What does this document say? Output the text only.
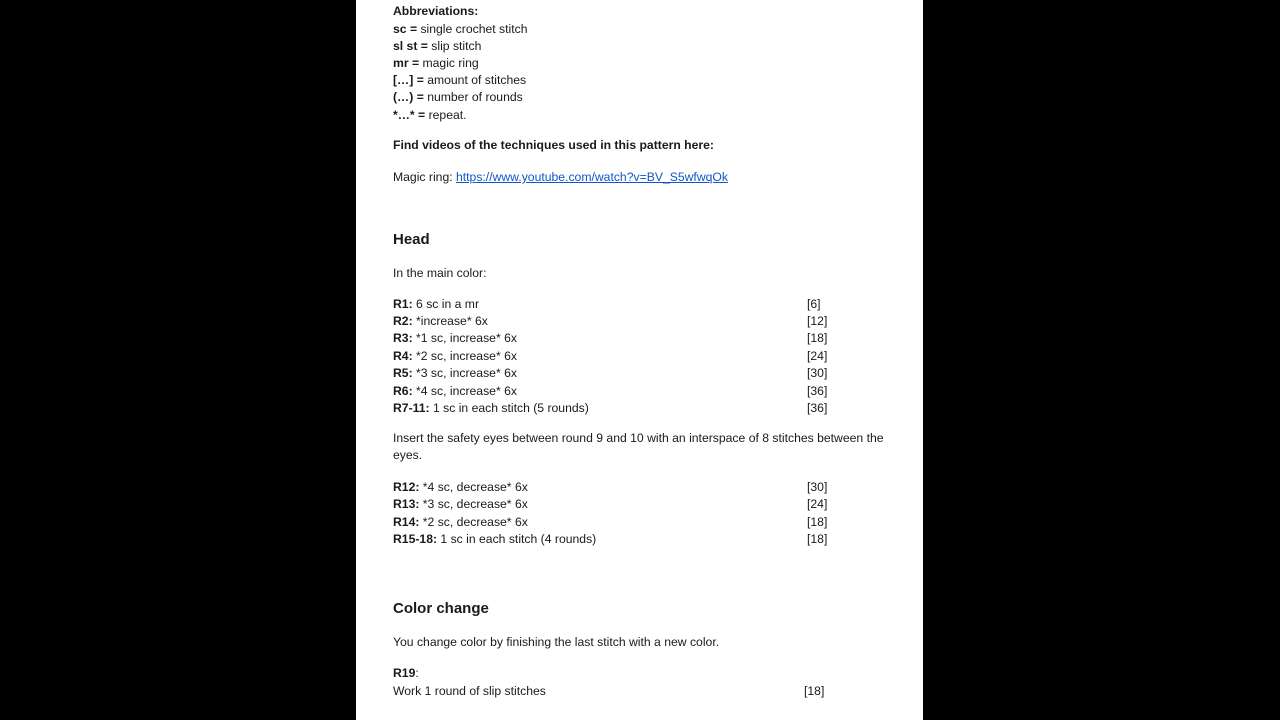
Abbreviations:
sc = single crochet stitch
sl st = slip stitch
mr = magic ring
[…] = amount of stitches
(…) = number of rounds
*…* = repeat.
Find videos of the techniques used in this pattern here:
Magic ring: https://www.youtube.com/watch?v=BV_S5wfwqOk
Head
In the main color:
R1: 6 sc in a mr	[6]
R2: *increase* 6x	[12]
R3: *1 sc, increase* 6x	[18]
R4: *2 sc, increase* 6x	[24]
R5: *3 sc, increase* 6x	[30]
R6: *4 sc, increase* 6x	[36]
R7-11: 1 sc in each stitch (5 rounds)	[36]
Insert the safety eyes between round 9 and 10 with an interspace of 8 stitches between the eyes.
R12: *4 sc, decrease* 6x	[30]
R13: *3 sc, decrease* 6x	[24]
R14: *2 sc, decrease* 6x	[18]
R15-18: 1 sc in each stitch (4 rounds)	[18]
Color change
You change color by finishing the last stitch with a new color.
R19:
Work 1 round of slip stitches	[18]
